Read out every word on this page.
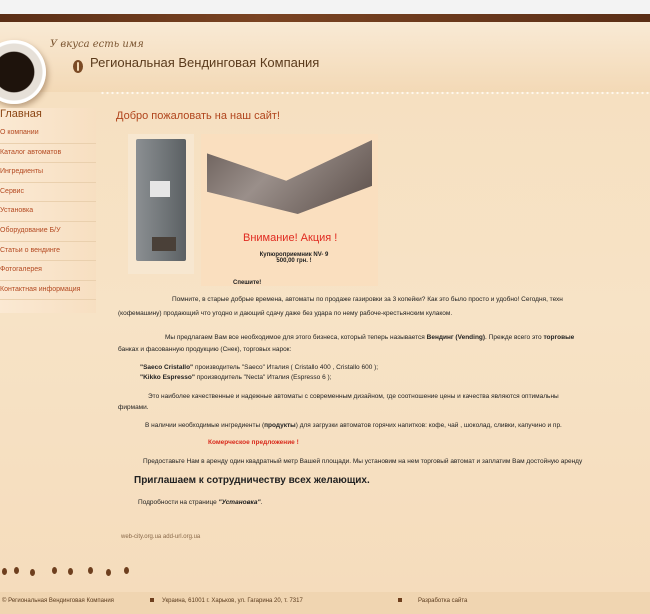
У вкуса есть имя
Региональная Вендинговая Компания
Главная
О компании
Каталог автоматов
Ингредиенты
Сервис
Установка
Оборудование Б/У
Статьи о вендинге
Фотогалерея
Контактная информация
Добро пожаловать на наш сайт!
Внимание! Акция !
Купюроприемник NV- 9
500,00 грн. !
Спешите!
Помните, в старые добрые времена, автоматы по продаже газировки за 3 копейки? Как это было просто и удобно! Сегодня, техн
(кофемашину) продающий что угодно и дающий сдачу даже без удара по нему рабоче-крестьянским кулаком.
Мы предлагаем Вам все необходимое для этого бизнеса, который теперь называется Вендинг (Vending). Прежде всего это торговые
банках и фасованную продукцию (Снек), торговых нарок:
"Saeco Cristallo" производитель "Saeco" Италия ( Cristallo 400 , Cristallo 600 );
"Kikko Espresso" производитель "Necta" Италия (Espresso 6 );
Это наиболее качественные и надежные автоматы с современным дизайном, где соотношение цены и качества являются оптимальны
фирмами.
В наличии необходимые ингредиенты (продукты) для загрузки автоматов горячих напитков: кофе, чай , шоколад, сливки, капучино и пр.
Комерческое предложение !
Предоставьте Нам в аренду один квадратный метр Вашей площади. Мы установим на нем торговый автомат и заплатим Вам достойную аренду
Приглашаем к сотрудничеству всех желающих.
Подробности на странице "Установка".
web-city.org.ua add-url.org.ua
© Региональная Вендинговая Компания	Украина, 61001 г. Харьков, ул. Гагарина 20, т. 7317	Разработка сайта
